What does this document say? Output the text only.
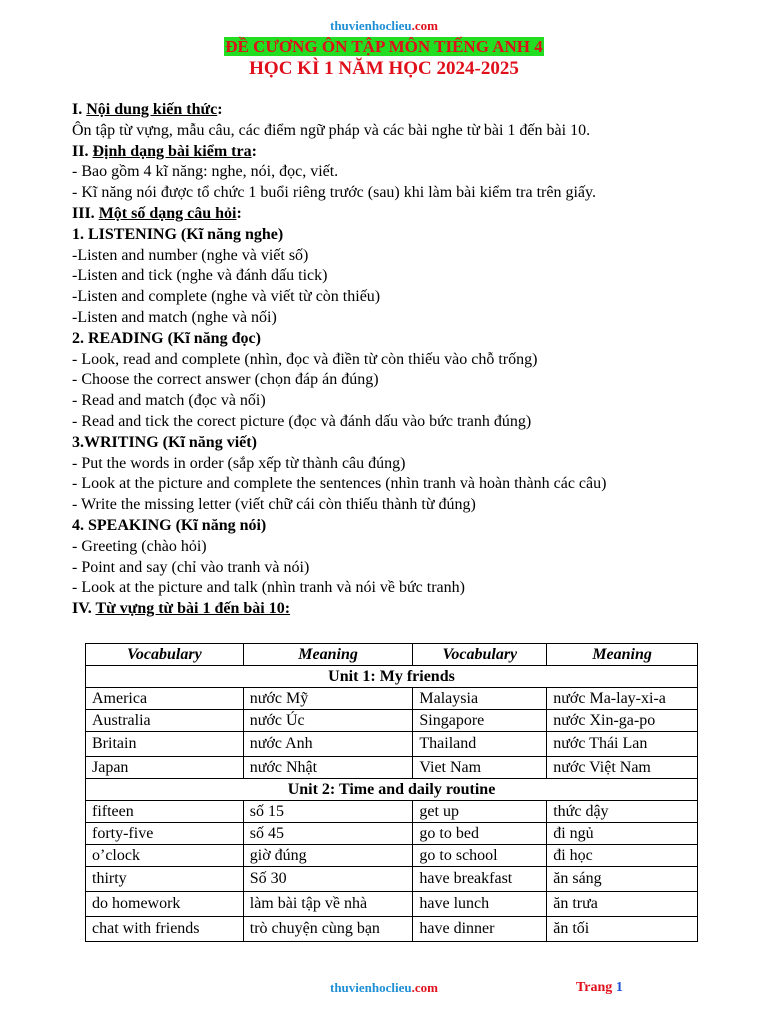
thuvienhoclieu.com
ĐỀ CƯƠNG ÔN TẬP MÔN TIẾNG ANH 4
HỌC KÌ 1 NĂM HỌC 2024-2025
I. Nội dung kiến thức:
Ôn tập từ vựng, mẫu câu, các điểm ngữ pháp và các bài nghe từ bài 1 đến bài 10.
II. Định dạng bài kiểm tra:
- Bao gồm 4 kĩ năng: nghe, nói, đọc, viết.
- Kĩ năng nói được tổ chức 1 buổi riêng trước (sau) khi làm bài kiểm tra trên giấy.
III. Một số dạng câu hỏi:
1. LISTENING (Kĩ năng nghe)
-Listen and number (nghe và viết số)
-Listen and tick (nghe và đánh dấu tick)
-Listen and complete (nghe và viết từ còn thiếu)
-Listen and match (nghe và nối)
2. READING (Kĩ năng đọc)
- Look, read and complete (nhìn, đọc và điền từ còn thiếu vào chỗ trống)
- Choose the correct answer (chọn đáp án đúng)
- Read and match (đọc và nối)
- Read and tick the corect picture (đọc và đánh dấu vào bức tranh đúng)
3.WRITING (Kĩ năng viết)
- Put the words in order (sắp xếp từ thành câu đúng)
- Look at the picture and complete the sentences (nhìn tranh và hoàn thành các câu)
- Write the missing letter (viết chữ cái còn thiếu thành từ đúng)
4. SPEAKING (Kĩ năng nói)
- Greeting (chào hỏi)
- Point and say (chỉ vào tranh và nói)
- Look at the picture and talk (nhìn tranh và nói về bức tranh)
IV. Từ vựng từ bài 1 đến bài 10:
Vocabulary	Meaning	Vocabulary	Meaning
Unit 1: My friends			
America	nước Mỹ	Malaysia	nước Ma-lay-xi-a
Australia	nước Úc	Singapore	nước Xin-ga-po
Britain	nước Anh	Thailand	nước Thái Lan
Japan	nước Nhật	Viet Nam	nước Việt Nam
Unit 2: Time and daily routine			
fifteen	số 15	get up	thức dậy
forty-five	số 45	go to bed	đi ngủ
o’clock	giờ đúng	go to school	đi học
thirty	Số 30	have breakfast	ăn sáng
do homework	làm bài tập về nhà	have lunch	ăn trưa
chat with friends	trò chuyện cùng bạn	have dinner	ăn tối
thuvienhoclieu.com	Trang 1
